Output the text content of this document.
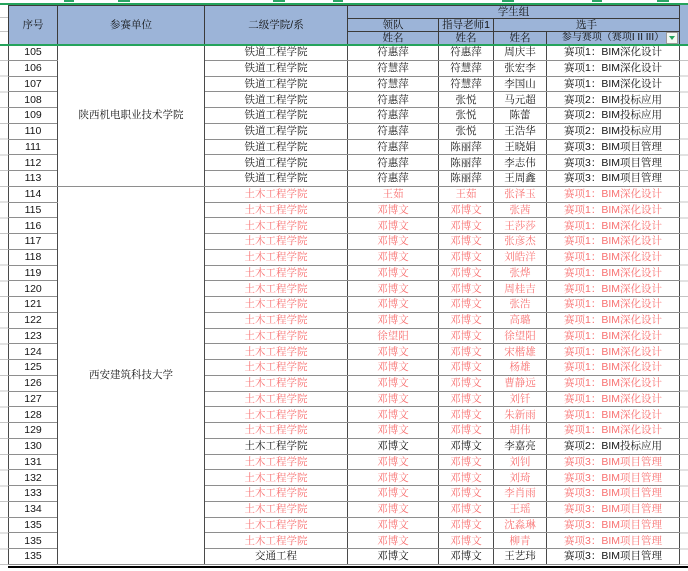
序号	参赛单位	二级学院/系	学生组			
			领队	指导老师1	选手	
			姓名	姓名	姓名	参与赛项（赛项I II III）

105	陕西机电职业技术学院	铁道工程学院	符惠萍	符惠萍	周庆丰	赛项1：BIM深化设计
106		铁道工程学院	符慧萍	符慧萍	张宏李	赛项1：BIM深化设计
107		铁道工程学院	符慧萍	符慧萍	李国山	赛项1：BIM深化设计
108		铁道工程学院	符惠萍	张悦	马元超	赛项2：BIM投标应用
109		铁道工程学院	符惠萍	张悦	陈蕾	赛项2：BIM投标应用
110		铁道工程学院	符惠萍	张悦	王浩华	赛项2：BIM投标应用
111		铁道工程学院	符惠萍	陈丽萍	王晓娟	赛项3：BIM项目管理
112		铁道工程学院	符惠萍	陈丽萍	李志伟	赛项3：BIM项目管理
113		铁道工程学院	符惠萍	陈丽萍	王周鑫	赛项3：BIM项目管理
114	西安建筑科技大学	土木工程学院	王茹	王茹	张泽玉	赛项1：BIM深化设计
115		土木工程学院	邓博文	邓博文	张茜	赛项1：BIM深化设计
116		土木工程学院	邓博文	邓博文	王莎莎	赛项1：BIM深化设计
117		土木工程学院	邓博文	邓博文	张彦杰	赛项1：BIM深化设计
118		土木工程学院	邓博文	邓博文	刘皓洋	赛项1：BIM深化设计
119		土木工程学院	邓博文	邓博文	张烨	赛项1：BIM深化设计
120		土木工程学院	邓博文	邓博文	周桂吉	赛项1：BIM深化设计
121		土木工程学院	邓博文	邓博文	张浩	赛项1：BIM深化设计
122		土木工程学院	邓博文	邓博文	高璐	赛项1：BIM深化设计
123		土木工程学院	徐望阳	邓博文	徐望阳	赛项1：BIM深化设计
124		土木工程学院	邓博文	邓博文	宋楷雄	赛项1：BIM深化设计
125		土木工程学院	邓博文	邓博文	杨雄	赛项1：BIM深化设计
126		土木工程学院	邓博文	邓博文	曹静远	赛项1：BIM深化设计
127		土木工程学院	邓博文	邓博文	刘钎	赛项1：BIM深化设计
128		土木工程学院	邓博文	邓博文	朱新雨	赛项1：BIM深化设计
129		土木工程学院	邓博文	邓博文	胡伟	赛项1：BIM深化设计
130		土木工程学院	邓博文	邓博文	李嘉亮	赛项2：BIM投标应用
131		土木工程学院	邓博文	邓博文	刘钊	赛项3：BIM项目管理
132		土木工程学院	邓博文	邓博文	刘琦	赛项3：BIM项目管理
133		土木工程学院	邓博文	邓博文	李肖雨	赛项3：BIM项目管理
134		土木工程学院	邓博文	邓博文	王瑶	赛项3：BIM项目管理
135		土木工程学院	邓博文	邓博文	沈淼琳	赛项3：BIM项目管理
135		土木工程学院	邓博文	邓博文	柳青	赛项3：BIM项目管理
135		交通工程	邓博文	邓博文	王艺玮	赛项3：BIM项目管理
